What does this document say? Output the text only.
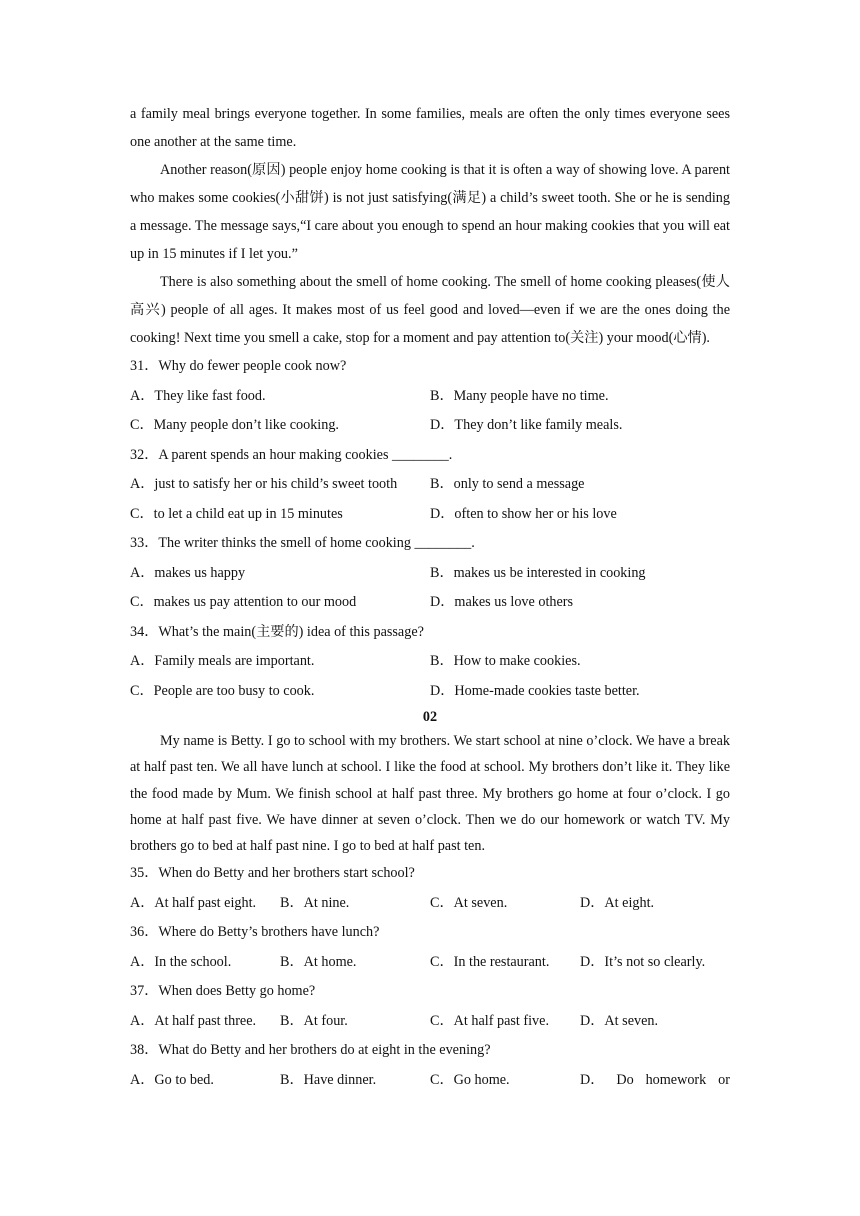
a family meal brings everyone together. In some families, meals are often the only times everyone sees one another at the same time.

Another reason(原因) people enjoy home cooking is that it is often a way of showing love. A parent who makes some cookies(小甜饼) is not just satisfying(满足) a child’s sweet tooth. She or he is sending a message. The message says,“I care about you enough to spend an hour making cookies that you will eat up in 15 minutes if I let you.”

There is also something about the smell of home cooking. The smell of home cooking pleases(使人高兴) people of all ages. It makes most of us feel good and loved—even if we are the ones doing the cooking! Next time you smell a cake, stop for a moment and pay attention to(关注) your mood(心情).

31．Why do fewer people cook now?
A．They like fast food.	B．Many people have no time.
C．Many people don’t like cooking.	D．They don’t like family meals.
32．A parent spends an hour making cookies ________.
A．just to satisfy her or his child’s sweet tooth B．only to send a message
C．to let a child eat up in 15 minutes	D．often to show her or his love
33．The writer thinks the smell of home cooking ________.
A．makes us happy	B．makes us be interested in cooking
C．makes us pay attention to our mood	D．makes us love others
34．What’s the main(主要的) idea of this passage?
A．Family meals are important.	B．How to make cookies.
C．People are too busy to cook.	D．Home-made cookies taste better.
02

My name is Betty. I go to school with my brothers. We start school at nine o’clock. We have a break at half past ten. We all have lunch at school. I like the food at school. My brothers don’t like it. They like the food made by Mum. We finish school at half past three. My brothers go home at four o’clock. I go home at half past five. We have dinner at seven o’clock. Then we do our homework or watch TV. My brothers go to bed at half past nine. I go to bed at half past ten.

35．When do Betty and her brothers start school?
A．At half past eight. B．At nine.	C．At seven.	D．At eight.
36．Where do Betty’s brothers have lunch?
A．In the school.	B．At home.	C．In the restaurant. D．It’s not so clearly.
37．When does Betty go home?
A．At half past three. B．At four.	C．At half past five. D．At seven.
38．What do Betty and her brothers do at eight in the evening?
A．Go to bed.	B．Have dinner.	C．Go home.	D． Do homework or
